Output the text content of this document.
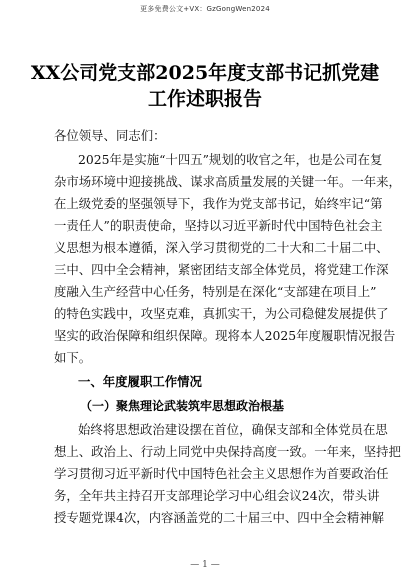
更多免费公文+VX：GzGongWen2024
XX公司党支部2025年度支部书记抓党建
工作述职报告
各位领导、同志们：
2025年是实施“十四五”规划的收官之年，也是公司在复
杂市场环境中迎接挑战、谋求高质量发展的关键一年。一年来，
在上级党委的坚强领导下，我作为党支部书记，始终牢记“第
一责任人”的职责使命，坚持以习近平新时代中国特色社会主
义思想为根本遵循，深入学习贯彻党的二十大和二十届二中、
三中、四中全会精神，紧密团结支部全体党员，将党建工作深
度融入生产经营中心任务，特别是在深化“支部建在项目上”
的特色实践中，攻坚克难，真抓实干，为公司稳健发展提供了
坚实的政治保障和组织保障。现将本人2025年度履职情况报告
如下。
一、年度履职工作情况
（一）聚焦理论武装筑牢思想政治根基
始终将思想政治建设摆在首位，确保支部和全体党员在思
想上、政治上、行动上同党中央保持高度一致。一年来，坚持把
学习贯彻习近平新时代中国特色社会主义思想作为首要政治任
务，全年共主持召开支部理论学习中心组会议24次，带头讲
授专题党课4次，内容涵盖党的二十届三中、四中全会精神解
— 1 —
